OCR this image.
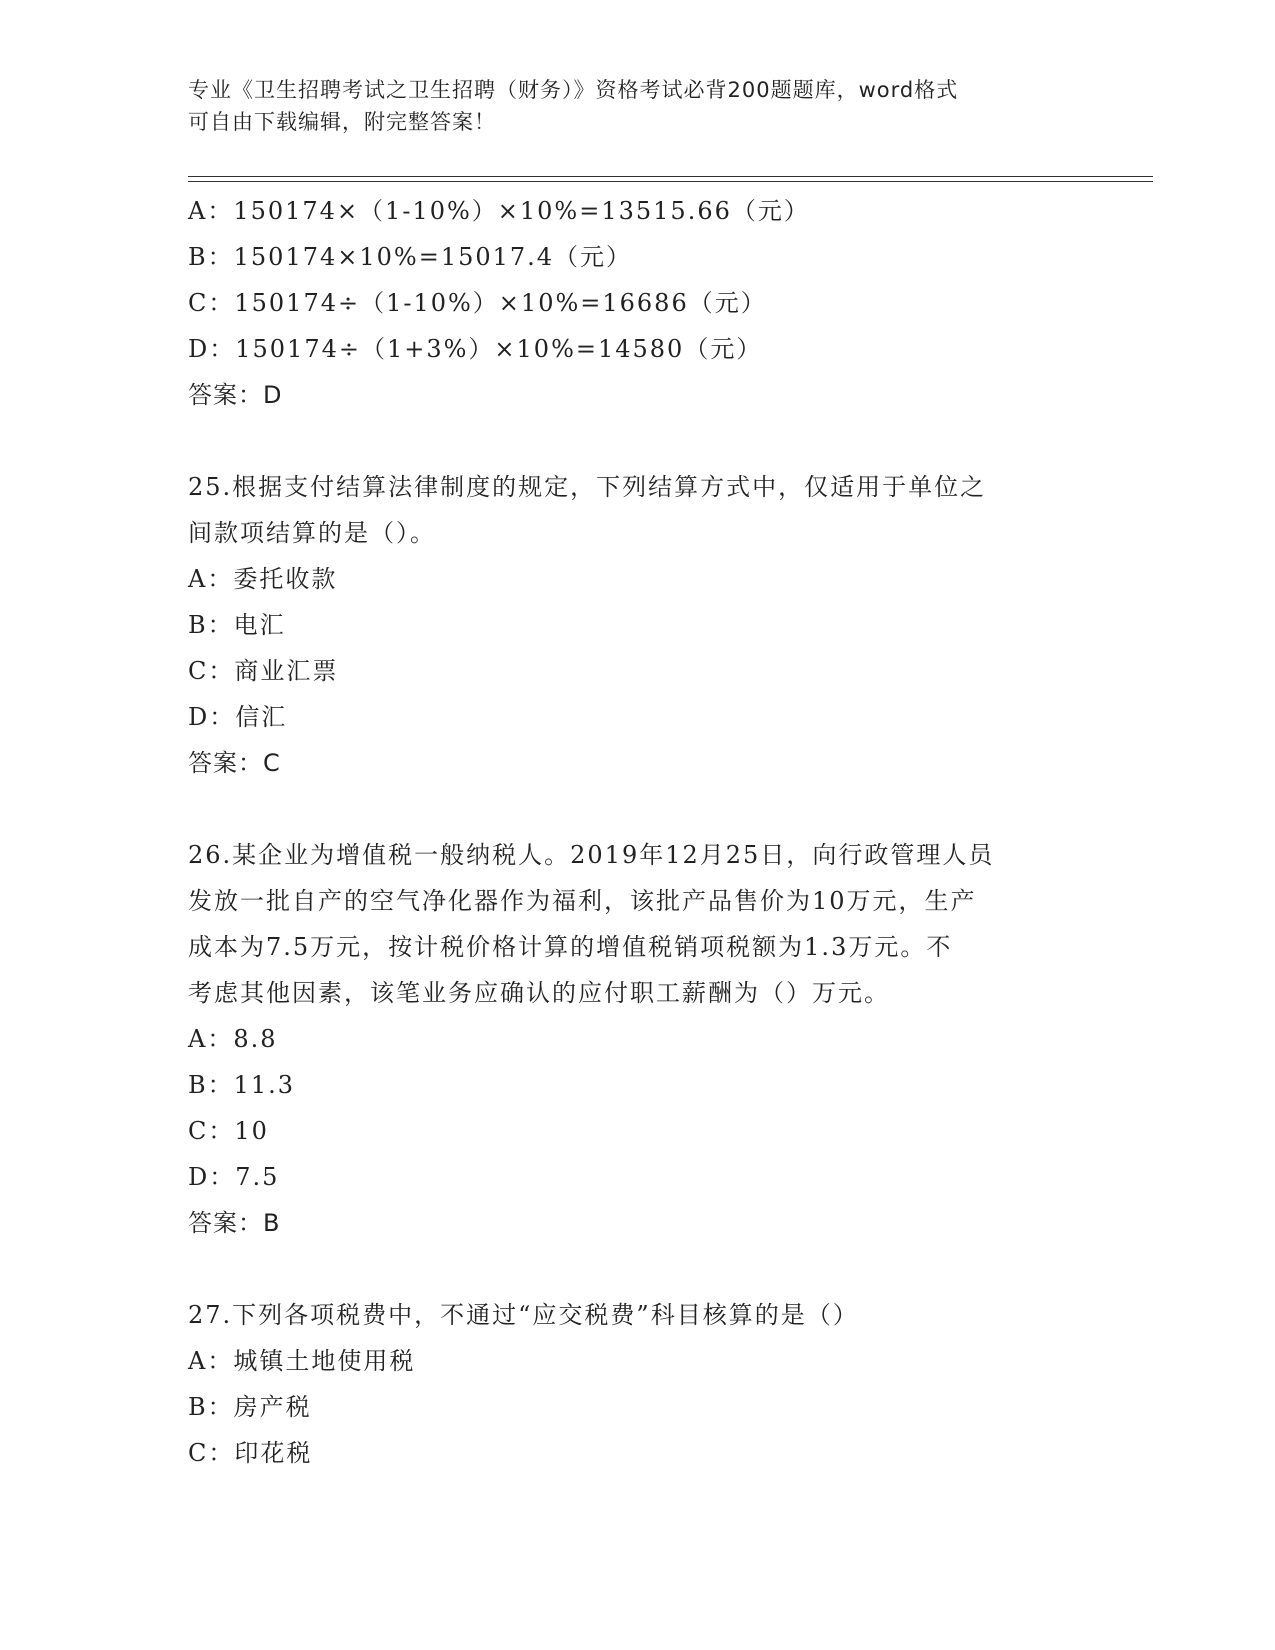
专业《卫生招聘考试之卫生招聘（财务）》资格考试必背200题题库，word格式
可自由下载编辑，附完整答案！
A：150174×（1-10%）×10%=13515.66（元）
B：150174×10%=15017.4（元）
C：150174÷（1-10%）×10%=16686（元）
D：150174÷（1+3%）×10%=14580（元）
答案：D
25.根据支付结算法律制度的规定，下列结算方式中，仅适用于单位之
间款项结算的是（）。
A：委托收款
B：电汇
C：商业汇票
D：信汇
答案：C
26.某企业为增值税一般纳税人。2019年12月25日，向行政管理人员
发放一批自产的空气净化器作为福利，该批产品售价为10万元，生产
成本为7.5万元，按计税价格计算的增值税销项税额为1.3万元。不
考虑其他因素，该笔业务应确认的应付职工薪酬为（）万元。
A：8.8
B：11.3
C：10
D：7.5
答案：B
27.下列各项税费中，不通过“应交税费”科目核算的是（）
A：城镇土地使用税
B：房产税
C：印花税
